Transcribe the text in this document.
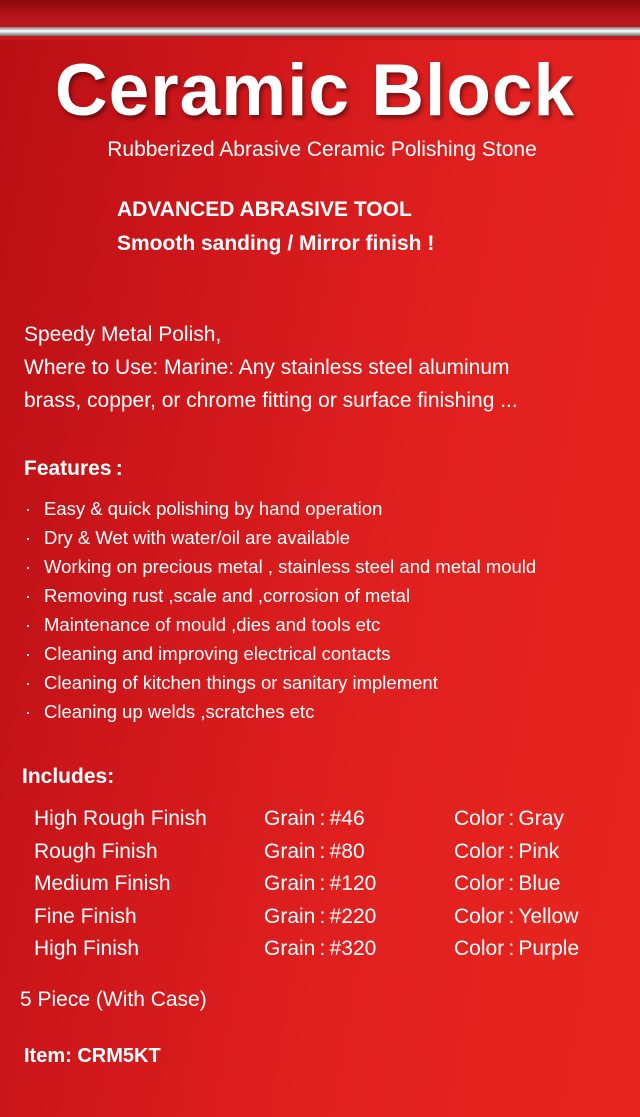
Ceramic Block
Rubberized Abrasive Ceramic Polishing Stone
ADVANCED ABRASIVE TOOL
Smooth sanding / Mirror finish !
Speedy Metal Polish,
Where to Use: Marine: Any stainless steel aluminum
brass, copper, or chrome fitting or surface finishing ...
Features :
· Easy & quick polishing by hand operation
· Dry & Wet with water/oil are available
· Working on precious metal , stainless steel and metal mould
· Removing rust ,scale and ,corrosion of metal
· Maintenance of mould ,dies and tools etc
· Cleaning and improving electrical contacts
· Cleaning of kitchen things or sanitary implement
· Cleaning up welds ,scratches etc
Includes:
High Rough Finish	Grain : #46	Color : Gray
Rough Finish	Grain : #80	Color : Pink
Medium Finish	Grain : #120	Color : Blue
Fine Finish	Grain : #220	Color : Yellow
High Finish	Grain : #320	Color : Purple
5 Piece (With Case)
Item: CRM5KT
